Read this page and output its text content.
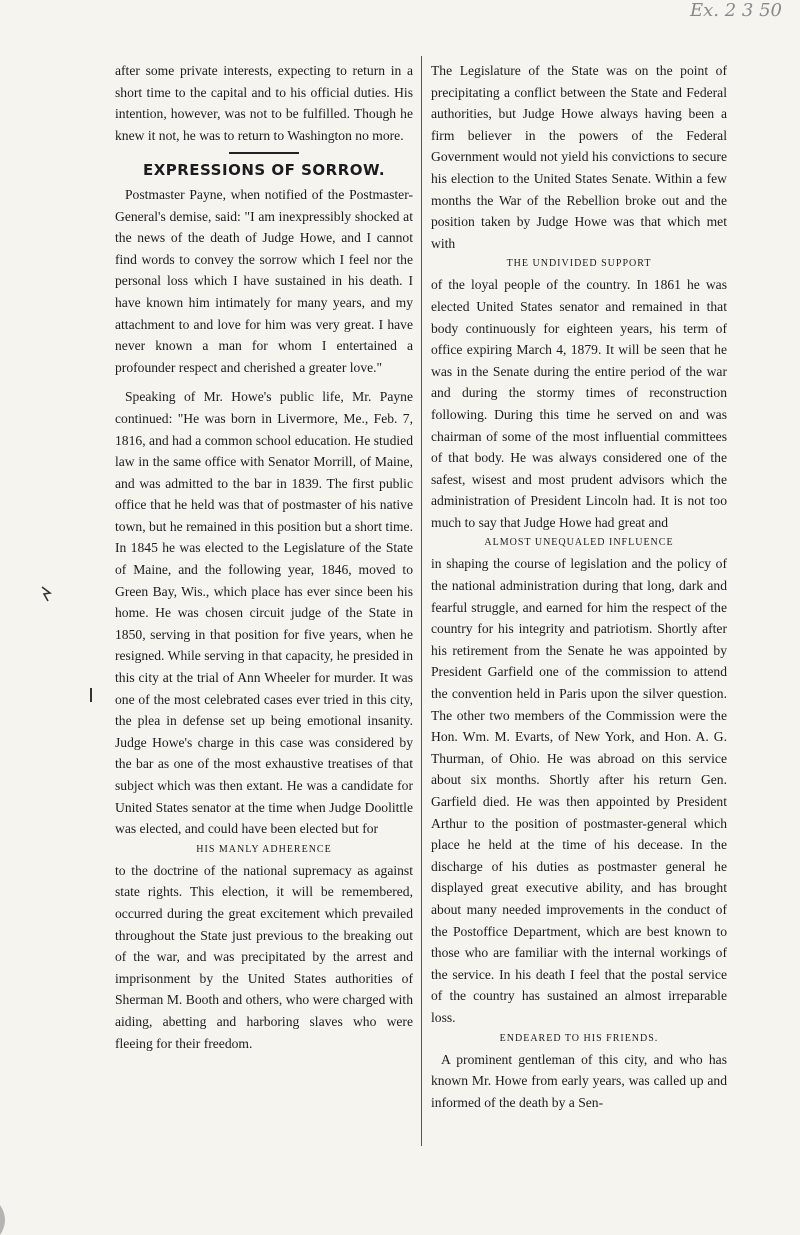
Ex. 2 3 50

after some private interests, expecting to return in a short time to the capital and to his official duties. His intention, however, was not to be fulfilled. Though he knew it not, he was to return to Washington no more.

EXPRESSIONS OF SORROW.

Postmaster Payne, when notified of the Postmaster-General's demise, said: "I am inexpressibly shocked at the news of the death of Judge Howe, and I cannot find words to convey the sorrow which I feel nor the personal loss which I have sustained in his death. I have known him intimately for many years, and my attachment to and love for him was very great. I have never known a man for whom I entertained a profounder respect and cherished a greater love."

Speaking of Mr. Howe's public life, Mr. Payne continued: "He was born in Livermore, Me., Feb. 7, 1816, and had a common school education. He studied law in the same office with Senator Morrill, of Maine, and was admitted to the bar in 1839. The first public office that he held was that of postmaster of his native town, but he remained in this position but a short time. In 1845 he was elected to the Legislature of the State of Maine, and the following year, 1846, moved to Green Bay, Wis., which place has ever since been his home. He was chosen circuit judge of the State in 1850, serving in that position for five years, when he resigned. While serving in that capacity, he presided in this city at the trial of Ann Wheeler for murder. It was one of the most celebrated cases ever tried in this city, the plea in defense set up being emotional insanity. Judge Howe's charge in this case was considered by the bar as one of the most exhaustive treatises of that subject which was then extant. He was a candidate for United States senator at the time when Judge Doolittle was elected, and could have been elected but for

HIS MANLY ADHERENCE

to the doctrine of the national supremacy as against state rights. This election, it will be remembered, occurred during the great excitement which prevailed throughout the State just previous to the breaking out of the war, and was precipitated by the arrest and imprisonment by the United States authorities of Sherman M. Booth and others, who were charged with aiding, abetting and harboring slaves who were fleeing for their freedom.

The Legislature of the State was on the point of precipitating a conflict between the State and Federal authorities, but Judge Howe always having been a firm believer in the powers of the Federal Government would not yield his convictions to secure his election to the United States Senate. Within a few months the War of the Rebellion broke out and the position taken by Judge Howe was that which met with

THE UNDIVIDED SUPPORT

of the loyal people of the country. In 1861 he was elected United States senator and remained in that body continuously for eighteen years, his term of office expiring March 4, 1879. It will be seen that he was in the Senate during the entire period of the war and during the stormy times of reconstruction following. During this time he served on and was chairman of some of the most influential committees of that body. He was always considered one of the safest, wisest and most prudent advisors which the administration of President Lincoln had. It is not too much to say that Judge Howe had great and

ALMOST UNEQUALED INFLUENCE

in shaping the course of legislation and the policy of the national administration during that long, dark and fearful struggle, and earned for him the respect of the country for his integrity and patriotism. Shortly after his retirement from the Senate he was appointed by President Garfield one of the commission to attend the convention held in Paris upon the silver question. The other two members of the Commission were the Hon. Wm. M. Evarts, of New York, and Hon. A. G. Thurman, of Ohio. He was abroad on this service about six months. Shortly after his return Gen. Garfield died. He was then appointed by President Arthur to the position of postmaster-general which place he held at the time of his decease. In the discharge of his duties as postmaster general he displayed great executive ability, and has brought about many needed improvements in the conduct of the Postoffice Department, which are best known to those who are familiar with the internal workings of the service. In his death I feel that the postal service of the country has sustained an almost irreparable loss.

ENDEARED TO HIS FRIENDS.

A prominent gentleman of this city, and who has known Mr. Howe from early years, was called up and informed of the death by a Sen-
